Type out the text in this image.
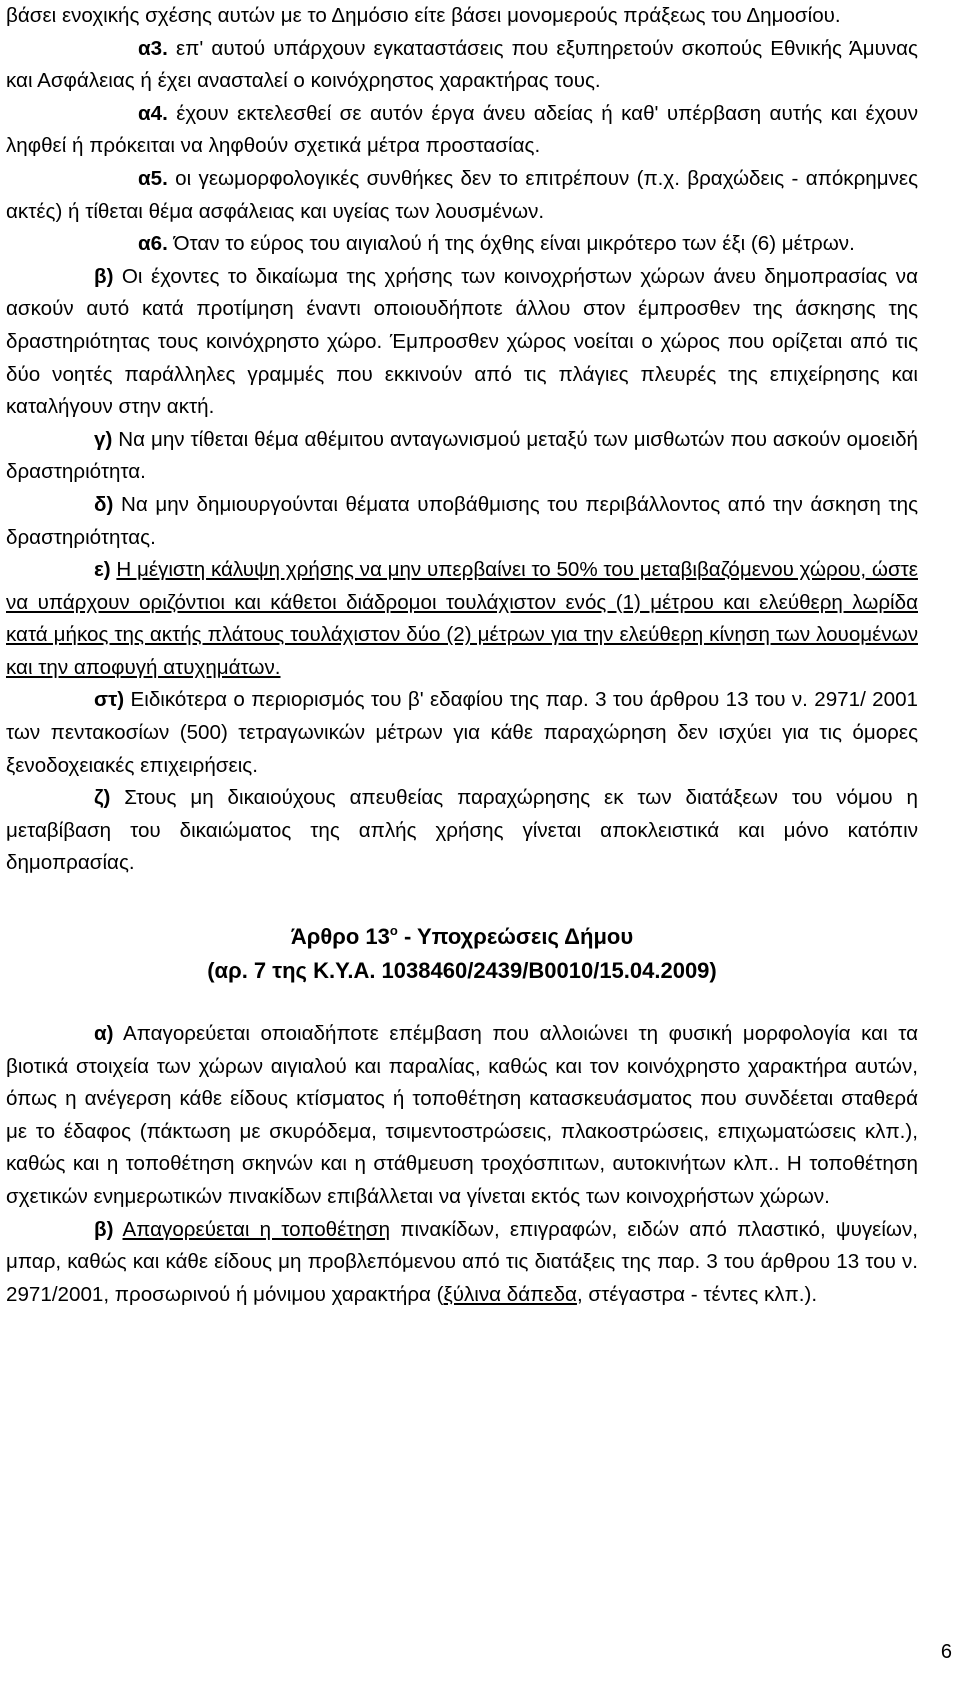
βάσει ενοχικής σχέσης αυτών με το Δημόσιο είτε βάσει μονομερούς πράξεως του Δημοσίου.

α3. επ' αυτού υπάρχουν εγκαταστάσεις που εξυπηρετούν σκοπούς Εθνικής Άμυνας και Ασφάλειας ή έχει ανασταλεί ο κοινόχρηστος χαρακτήρας τους.

α4. έχουν εκτελεσθεί σε αυτόν έργα άνευ αδείας ή καθ' υπέρβαση αυτής και έχουν ληφθεί ή πρόκειται να ληφθούν σχετικά μέτρα προστασίας.

α5. οι γεωμορφολογικές συνθήκες δεν το επιτρέπουν (π.χ. βραχώδεις - απόκρημνες ακτές) ή τίθεται θέμα ασφάλειας και υγείας των λουσμένων.

α6. Όταν το εύρος του αιγιαλού ή της όχθης είναι μικρότερο των έξι (6) μέτρων.

β) Οι έχοντες το δικαίωμα της χρήσης των κοινοχρήστων χώρων άνευ δημοπρασίας να ασκούν αυτό κατά προτίμηση έναντι οποιουδήποτε άλλου στον έμπροσθεν της άσκησης της δραστηριότητας τους κοινόχρηστο χώρο. Έμπροσθεν χώρος νοείται ο χώρος που ορίζεται από τις δύο νοητές παράλληλες γραμμές που εκκινούν από τις πλάγιες πλευρές της επιχείρησης και καταλήγουν στην ακτή.

γ) Να μην τίθεται θέμα αθέμιτου ανταγωνισμού μεταξύ των μισθωτών που ασκούν ομοειδή δραστηριότητα.

δ) Να μην δημιουργούνται θέματα υποβάθμισης του περιβάλλοντος από την άσκηση της δραστηριότητας.

ε) Η μέγιστη κάλυψη χρήσης να μην υπερβαίνει το 50% του μεταβιβαζόμενου χώρου, ώστε να υπάρχουν οριζόντιοι και κάθετοι διάδρομοι τουλάχιστον ενός (1) μέτρου και ελεύθερη λωρίδα κατά μήκος της ακτής πλάτους τουλάχιστον δύο (2) μέτρων για την ελεύθερη κίνηση των λουομένων και την αποφυγή ατυχημάτων.

στ) Ειδικότερα ο περιορισμός του β' εδαφίου της παρ. 3 του άρθρου 13 του ν. 2971/ 2001 των πεντακοσίων (500) τετραγωνικών μέτρων για κάθε παραχώρηση δεν ισχύει για τις όμορες ξενοδοχειακές επιχειρήσεις.

ζ) Στους μη δικαιούχους απευθείας παραχώρησης εκ των διατάξεων του νόμου η μεταβίβαση του δικαιώματος της απλής χρήσης γίνεται αποκλειστικά και μόνο κατόπιν δημοπρασίας.

Άρθρο $13^o$ - Υποχρεώσεις Δήμου
(αρ. 7 της Κ.Υ.Α. 1038460/2439/Β0010/15.04.2009)

α) Απαγορεύεται οποιαδήποτε επέμβαση που αλλοιώνει τη φυσική μορφολογία και τα βιοτικά στοιχεία των χώρων αιγιαλού και παραλίας, καθώς και τον κοινόχρηστο χαρακτήρα αυτών, όπως η ανέγερση κάθε είδους κτίσματος ή τοποθέτηση κατασκευάσματος που συνδέεται σταθερά με το έδαφος (πάκτωση με σκυρόδεμα, τσιμεντοστρώσεις, πλακοστρώσεις, επιχωματώσεις κλπ.), καθώς και η τοποθέτηση σκηνών και η στάθμευση τροχόσπιτων, αυτοκινήτων κλπ.. Η τοποθέτηση σχετικών ενημερωτικών πινακίδων επιβάλλεται να γίνεται εκτός των κοινοχρήστων χώρων.

β) Απαγορεύεται η τοποθέτηση πινακίδων, επιγραφών, ειδών από πλαστικό, ψυγείων, μπαρ, καθώς και κάθε είδους μη προβλεπόμενου από τις διατάξεις της παρ. 3 του άρθρου 13 του ν. 2971/2001, προσωρινού ή μόνιμου χαρακτήρα (ξύλινα δάπεδα, στέγαστρα - τέντες κλπ.).

6
